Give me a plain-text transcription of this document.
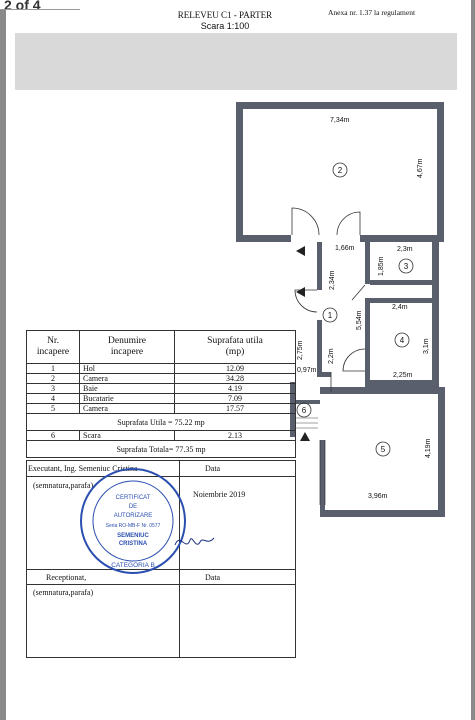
2 of 4
RELEVEU C1 - PARTER
Scara 1:100
Anexa nr. 1.37 la regulament
2
3
1
4
5
6
7,34m
4,67m
1,66m	2,3m
2,34m
1,85m
2,4m
5,54m
2,75m	3,1m
2,2m
0,97m
2,25m
4,19m
3,96m
Nr.
incapere	Denumire
incapere	Suprafata utila
(mp)
1	Hol	12.09
2	Camera	34.28
3	Baie	4.19
4	Bucatarie	7.09
5	Camera	17.57
Suprafata Utila = 75.22 mp		
6	Scara	2.13
Suprafata Totala= 77.35 mp		
Executant, Ing. Semeniuc Cristina	Data
(semnatura,parafa)
Noiembrie 2019
Receptionat,	Data
(semnatura,parafa)
CERTIFICAT
DE
AUTORIZARE
Seria RO-MB-F Nr. 0577
SEMENIUC
CRISTINA
CATEGORIA B
